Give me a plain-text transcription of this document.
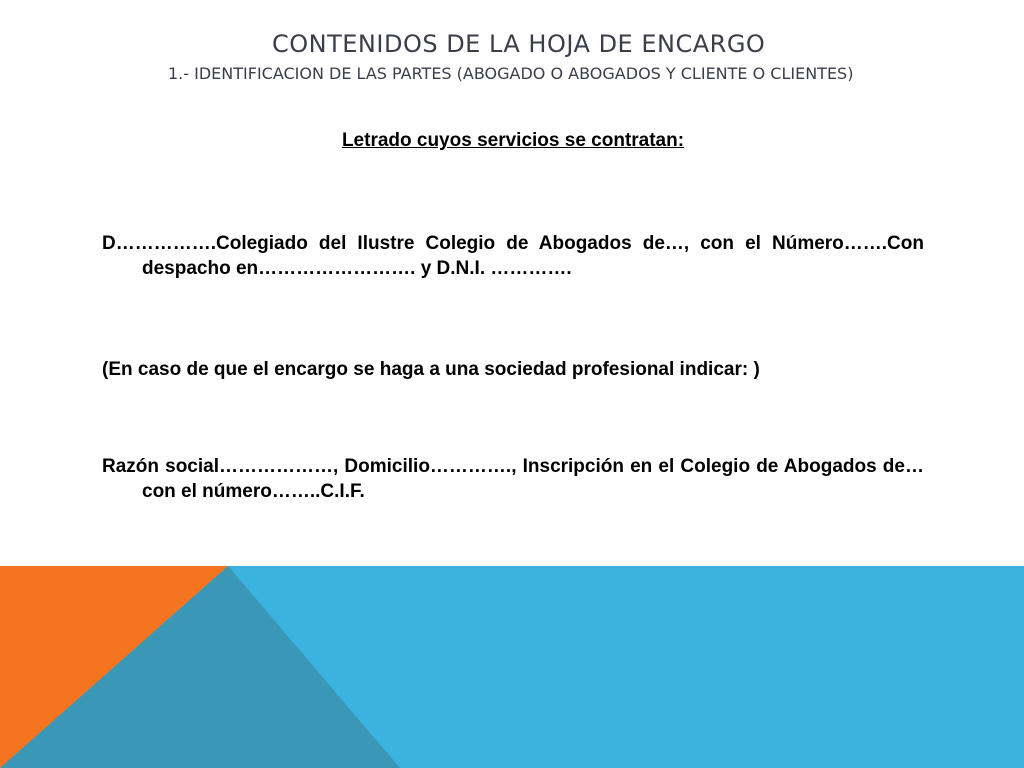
CONTENIDOS DE LA HOJA DE ENCARGO
1.- IDENTIFICACION DE LAS PARTES (ABOGADO O ABOGADOS Y CLIENTE O CLIENTES)

Letrado cuyos servicios se contratan:

D…………….Colegiado del Ilustre Colegio de Abogados de…, con el Número…….Con despacho en……………………. y D.N.I. ………….

(En caso de que el encargo se haga a una sociedad profesional indicar: )

Razón social………………, Domicilio…………., Inscripción en el Colegio de Abogados de… con el número……..C.I.F.
